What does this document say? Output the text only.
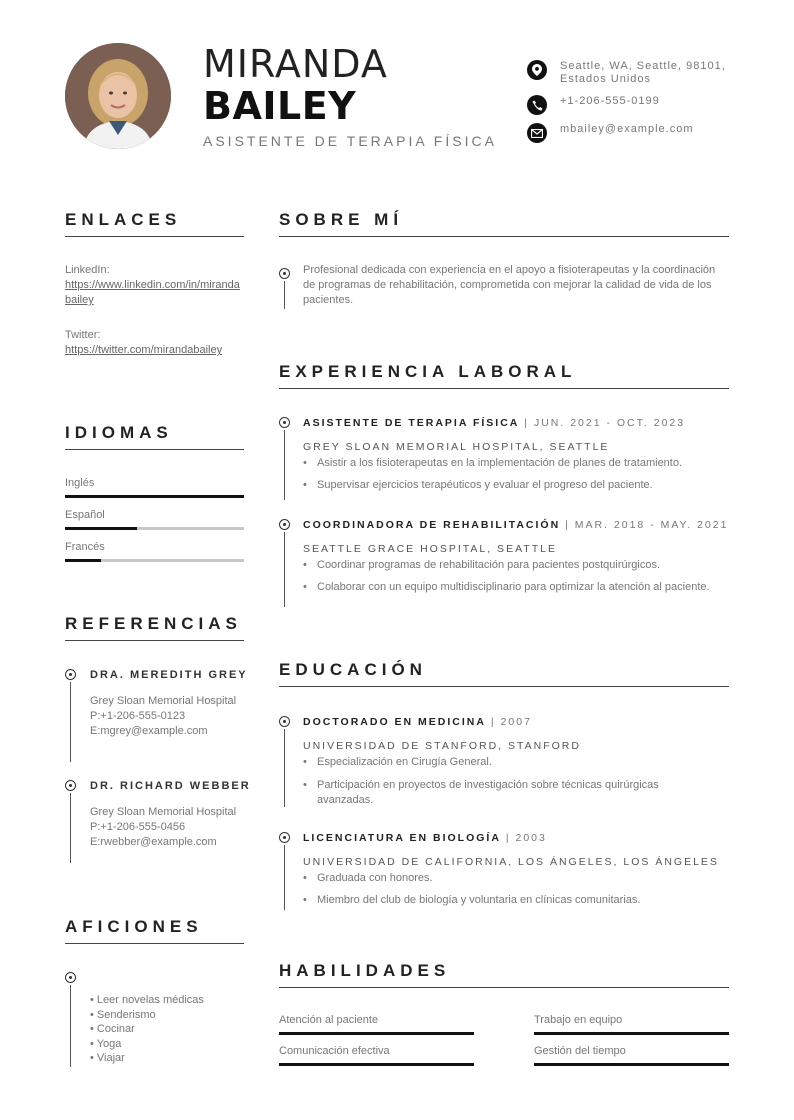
MIRANDA
BAILEY
ASISTENTE DE TERAPIA FÍSICA
Seattle, WA, Seattle, 98101, Estados Unidos
+1-206-555-0199
mbailey@example.com
ENLACES
LinkedIn:
https://www.linkedin.com/in/mirandabailey
Twitter:
https://twitter.com/mirandabailey
IDIOMAS
Inglés
Español
Francés
REFERENCIAS
DRA. MEREDITH GREY
Grey Sloan Memorial Hospital
P:+1-206-555-0123
E:mgrey@example.com
DR. RICHARD WEBBER
Grey Sloan Memorial Hospital
P:+1-206-555-0456
E:rwebber@example.com
AFICIONES
• Leer novelas médicas
• Senderismo
• Cocinar
• Yoga
• Viajar
SOBRE MÍ
Profesional dedicada con experiencia en el apoyo a fisioterapeutas y la coordinación de programas de rehabilitación, comprometida con mejorar la calidad de vida de los pacientes.
EXPERIENCIA LABORAL
ASISTENTE DE TERAPIA FÍSICA | JUN. 2021 - OCT. 2023
GREY SLOAN MEMORIAL HOSPITAL, SEATTLE
• Asistir a los fisioterapeutas en la implementación de planes de tratamiento.
• Supervisar ejercicios terapéuticos y evaluar el progreso del paciente.
COORDINADORA DE REHABILITACIÓN | MAR. 2018 - MAY. 2021
SEATTLE GRACE HOSPITAL, SEATTLE
• Coordinar programas de rehabilitación para pacientes postquirúrgicos.
• Colaborar con un equipo multidisciplinario para optimizar la atención al paciente.
EDUCACIÓN
DOCTORADO EN MEDICINA | 2007
UNIVERSIDAD DE STANFORD, STANFORD
• Especialización en Cirugía General.
• Participación en proyectos de investigación sobre técnicas quirúrgicas avanzadas.
LICENCIATURA EN BIOLOGÍA | 2003
UNIVERSIDAD DE CALIFORNIA, LOS ÁNGELES, LOS ÁNGELES
• Graduada con honores.
• Miembro del club de biología y voluntaria en clínicas comunitarias.
HABILIDADES
Atención al paciente	Trabajo en equipo
Comunicación efectiva	Gestión del tiempo
